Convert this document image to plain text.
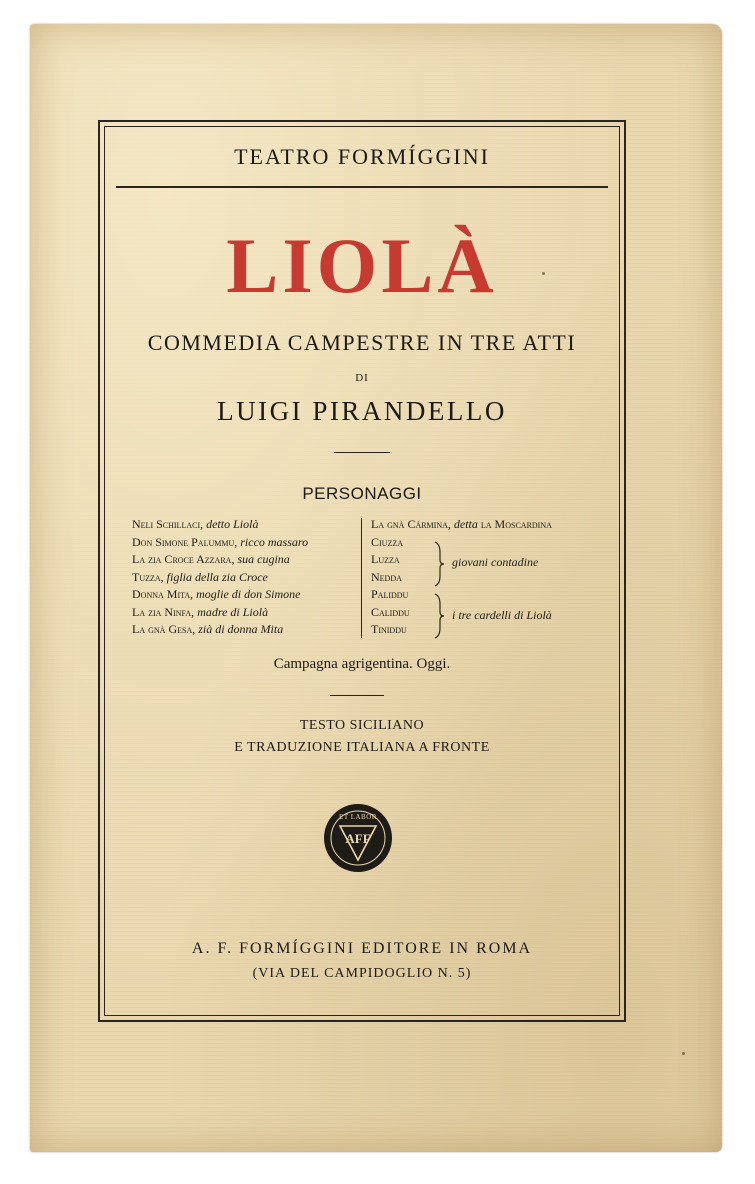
TEATRO FORMÍGGINI
LIOLÀ
COMMEDIA CAMPESTRE IN TRE ATTI
DI
LUIGI PIRANDELLO
PERSONAGGI
Neli Schillaci, detto Liolà
Don Simone Palummu, ricco massaro
La zia Croce Azzara, sua cugina
Tuzza, figlia della zia Croce
Donna Mita, moglie di don Simone
La zia Ninfa, madre di Liolà
La gnà Gesa, zià di donna Mita
La gnà Cármina, detta la Moscardina
Ciuzza
Luzza
Nedda
Paliddu
Caliddu
Tiniddu
giovani contadine
i tre cardelli di Liolà
Campagna agrigentina. Oggi.
TESTO SICILIANO
E TRADUZIONE ITALIANA A FRONTE
ET LABOR
AFF
A. F. FORMÍGGINI EDITORE IN ROMA
(VIA DEL CAMPIDOGLIO N. 5)
